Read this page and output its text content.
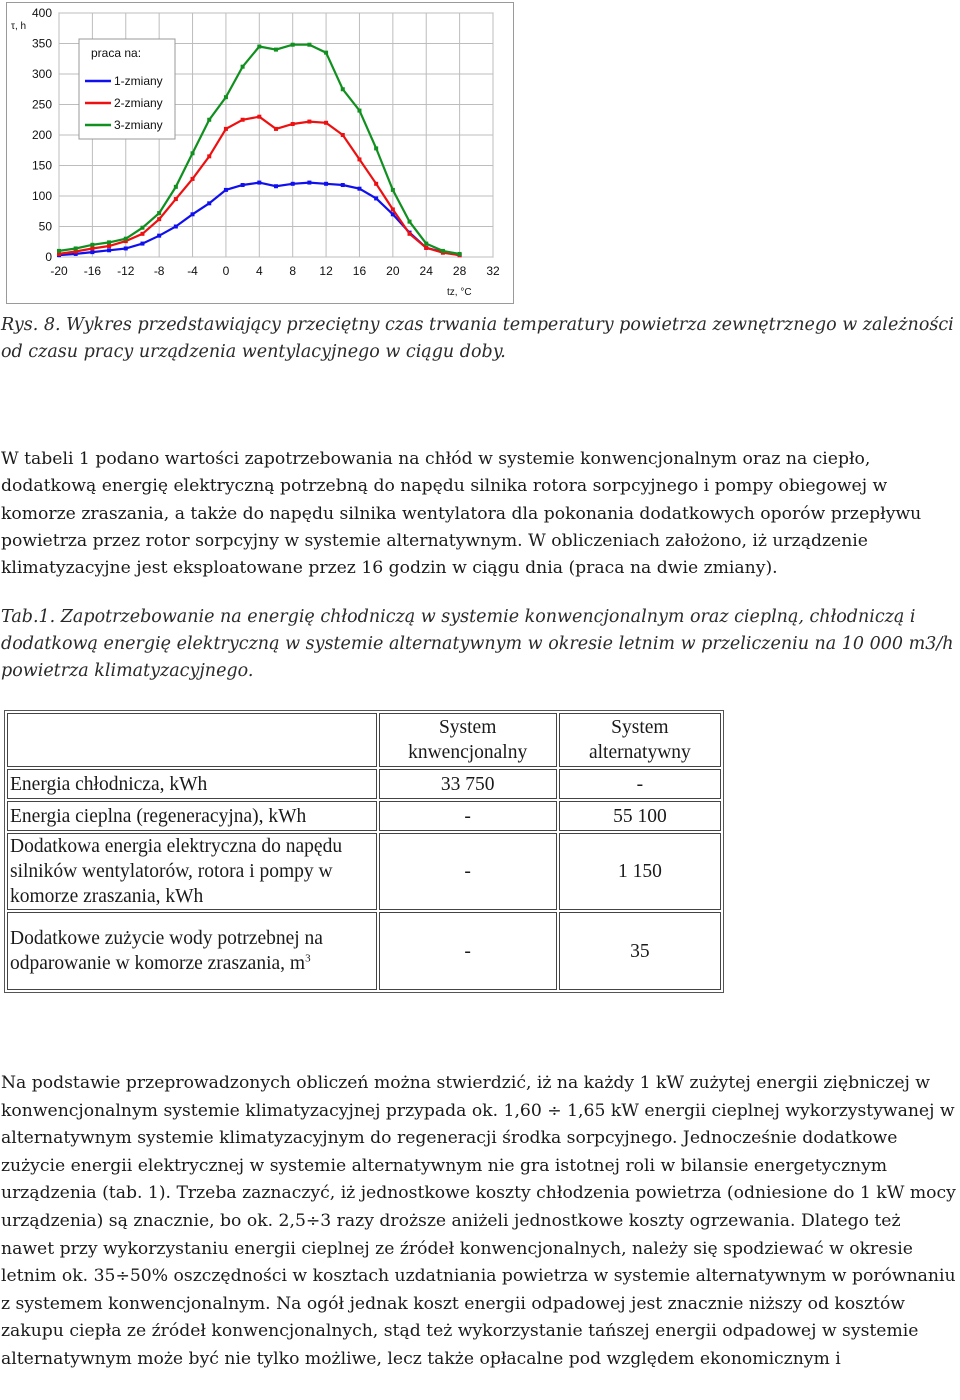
0
50
100
150
200
250
300
350
400
-20 -16 -12 -8 -4 0 4 8 12 16 20 24 28 32
τ, h
tz, °C
praca na:
1-zmiany
2-zmiany
3-zmiany
Rys. 8. Wykres przedstawiający przeciętny czas trwania temperatury powietrza zewnętrznego w zależności od czasu pracy urządzenia wentylacyjnego w ciągu doby.
W tabeli 1 podano wartości zapotrzebowania na chłód w systemie konwencjonalnym oraz na ciepło, dodatkową energię elektryczną potrzebną do napędu silnika rotora sorpcyjnego i pompy obiegowej w komorze zraszania, a także do napędu silnika wentylatora dla pokonania dodatkowych oporów przepływu powietrza przez rotor sorpcyjny w systemie alternatywnym. W obliczeniach założono, iż urządzenie klimatyzacyjne jest eksploatowane przez 16 godzin w ciągu dnia (praca na dwie zmiany).
Tab.1. Zapotrzebowanie na energię chłodniczą w systemie konwencjonalnym oraz cieplną, chłodniczą i dodatkową energię elektryczną w systemie alternatywnym w okresie letnim w przeliczeniu na 10 000 m3/h powietrza klimatyzacyjnego.
	System knwencjonalny	System alternatywny
Energia chłodnicza, kWh	33 750	-
Energia cieplna (regeneracyjna), kWh	-	55 100
Dodatkowa energia elektryczna do napędu silników wentylatorów, rotora i pompy w komorze zraszania, kWh	-	1 150
Dodatkowe zużycie wody potrzebnej na odparowanie w komorze zraszania, $m^3$	-	35
Na podstawie przeprowadzonych obliczeń można stwierdzić, iż na każdy 1 kW zużytej energii ziębniczej w konwencjonalnym systemie klimatyzacyjnej przypada ok. 1,60 ÷ 1,65 kW energii cieplnej wykorzystywanej w alternatywnym systemie klimatyzacyjnym do regeneracji środka sorpcyjnego. Jednocześnie dodatkowe zużycie energii elektrycznej w systemie alternatywnym nie gra istotnej roli w bilansie energetycznym urządzenia (tab. 1). Trzeba zaznaczyć, iż jednostkowe koszty chłodzenia powietrza (odniesione do 1 kW mocy urządzenia) są znacznie, bo ok. 2,5÷3 razy droższe aniżeli jednostkowe koszty ogrzewania. Dlatego też nawet przy wykorzystaniu energii cieplnej ze źródeł konwencjonalnych, należy się spodziewać w okresie letnim ok. 35÷50% oszczędności w kosztach uzdatniania powietrza w systemie alternatywnym w porównaniu z systemem konwencjonalnym. Na ogół jednak koszt energii odpadowej jest znacznie niższy od kosztów zakupu ciepła ze źródeł konwencjonalnych, stąd też wykorzystanie tańszej energii odpadowej w systemie alternatywnym może być nie tylko możliwe, lecz także opłacalne pod względem ekonomicznym i
